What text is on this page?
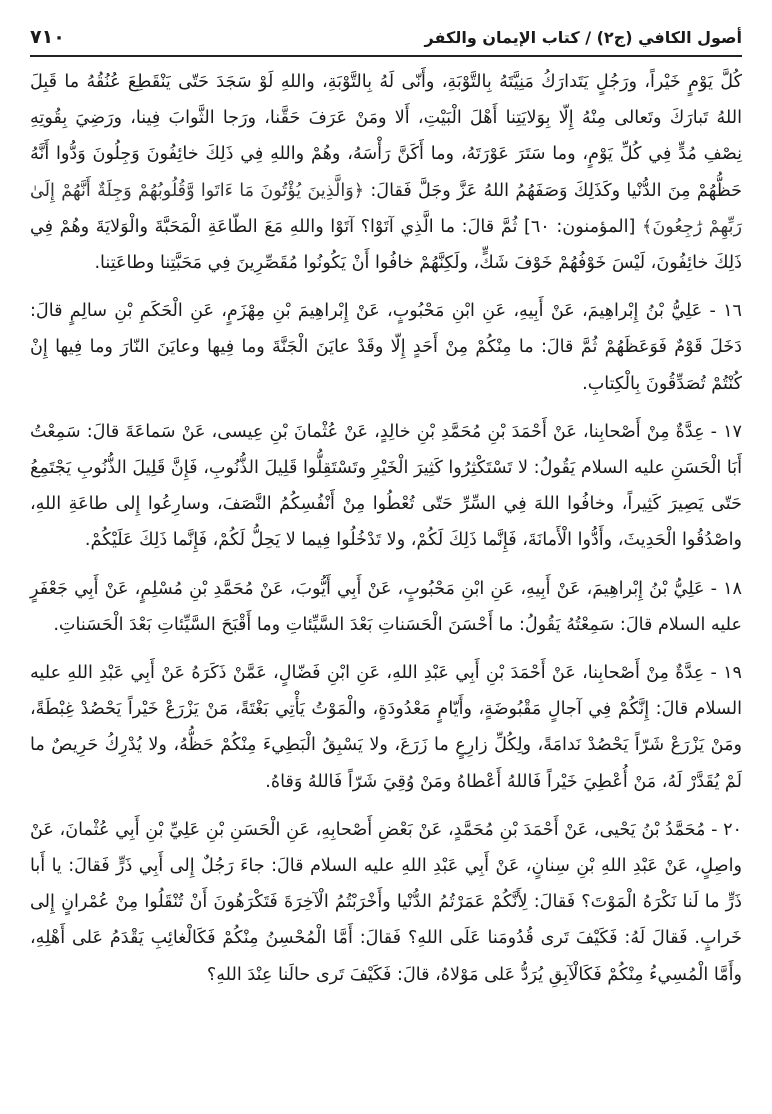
أصول الكافي (ج٢) / كتاب الإيمان والكفر
٧١٠

كُلَّ يَوْمٍ خَيْراً، ورَجُلٍ يَتَدارَكُ مَنِيَّتَهُ بِالتَّوْبَةِ، وأَنّى لَهُ بِالتَّوْبَةِ، واللهِ لَوْ سَجَدَ حَتّى يَنْقَطِعَ عُنُقُهُ ما قَبِلَ اللهُ تَبارَكَ وتَعالى مِنْهُ إِلّا بِوَلايَتِنا أَهْلَ الْبَيْتِ، أَلا ومَنْ عَرَفَ حَقَّنا، ورَجا الثَّوابَ فِينا، ورَضِيَ بِقُوتِهِ نِصْفِ مُدٍّ فِي كُلِّ يَوْمٍ، وما سَتَرَ عَوْرَتَهُ، وما أَكَنَّ رَأْسَهُ، وهُمْ واللهِ فِي ذَلِكَ خائِفُونَ وَجِلُونَ وَدُّوا أَنَّهُ حَظُّهُمْ مِنَ الدُّنْيا وكَذَلِكَ وَصَفَهُمُ اللهُ عَزَّ وجَلَّ فَقالَ: ﴿وَالَّذِينَ يُؤْتُونَ مَا ءَاتَوا وَّقُلُوبُهُمْ وَجِلَةٌ أَنَّهُمْ إِلَىٰ رَبِّهِمْ رَٰجِعُونَ﴾ [المؤمنون: ٦٠] ثُمَّ قالَ: ما الَّذِي آتَوْا؟ آتَوْا واللهِ مَعَ الطّاعَةِ الْمَحَبَّةَ والْوَلايَةَ وهُمْ فِي ذَلِكَ خائِفُونَ، لَيْسَ خَوْفُهُمْ خَوْفَ شَكٍّ، ولَكِنَّهُمْ خافُوا أَنْ يَكُونُوا مُقَصِّرِينَ فِي مَحَبَّتِنا وطاعَتِنا.

١٦ - عَلِيُّ بْنُ إِبْراهِيمَ، عَنْ أَبِيهِ، عَنِ ابْنِ مَحْبُوبٍ، عَنْ إِبْراهِيمَ بْنِ مِهْزَمٍ، عَنِ الْحَكَمِ بْنِ سالِمٍ قالَ: دَخَلَ قَوْمٌ فَوَعَظَهُمْ ثُمَّ قالَ: ما مِنْكُمْ مِنْ أَحَدٍ إِلّا وقَدْ عايَنَ الْجَنَّةَ وما فِيها وعايَنَ النّارَ وما فِيها إِنْ كُنْتُمْ تُصَدِّقُونَ بِالْكِتابِ.

١٧ - عِدَّةٌ مِنْ أَصْحابِنا، عَنْ أَحْمَدَ بْنِ مُحَمَّدِ بْنِ خالِدٍ، عَنْ عُثْمانَ بْنِ عِيسى، عَنْ سَماعَةَ قالَ: سَمِعْتُ أَبَا الْحَسَنِ عليه السلام يَقُولُ: لا تَسْتَكْثِرُوا كَثِيرَ الْخَيْرِ وتَسْتَقِلُّوا قَلِيلَ الذُّنُوبِ، فَإِنَّ قَلِيلَ الذُّنُوبِ يَجْتَمِعُ حَتّى يَصِيرَ كَثِيراً، وخافُوا اللهَ فِي السِّرِّ حَتّى تُعْطُوا مِنْ أَنْفُسِكُمُ النَّصَفَ، وسارِعُوا إِلى طاعَةِ اللهِ، واصْدُقُوا الْحَدِيثَ، وأَدُّوا الْأَمانَةَ، فَإِنَّما ذَلِكَ لَكُمْ، ولا تَدْخُلُوا فِيما لا يَحِلُّ لَكُمْ، فَإِنَّما ذَلِكَ عَلَيْكُمْ.

١٨ - عَلِيُّ بْنُ إِبْراهِيمَ، عَنْ أَبِيهِ، عَنِ ابْنِ مَحْبُوبٍ، عَنْ أَبِي أَيُّوبَ، عَنْ مُحَمَّدِ بْنِ مُسْلِمٍ، عَنْ أَبِي جَعْفَرٍ عليه السلام قالَ: سَمِعْتُهُ يَقُولُ: ما أَحْسَنَ الْحَسَناتِ بَعْدَ السَّيِّئاتِ وما أَقْبَحَ السَّيِّئاتِ بَعْدَ الْحَسَناتِ.

١٩ - عِدَّةٌ مِنْ أَصْحابِنا، عَنْ أَحْمَدَ بْنِ أَبِي عَبْدِ اللهِ، عَنِ ابْنِ فَضّالٍ، عَمَّنْ ذَكَرَهُ عَنْ أَبِي عَبْدِ اللهِ عليه السلام قالَ: إِنَّكُمْ فِي آجالٍ مَقْبُوضَةٍ، وأَيّامٍ مَعْدُودَةٍ، والْمَوْتُ يَأْتِي بَغْتَةً، مَنْ يَزْرَعْ خَيْراً يَحْصُدْ غِبْطَةً، ومَنْ يَزْرَعْ شَرّاً يَحْصُدْ نَدامَةً، ولِكُلِّ زارِعٍ ما زَرَعَ، ولا يَسْبِقُ الْبَطِيءَ مِنْكُمْ حَظُّهُ، ولا يُدْرِكُ حَرِيصٌ ما لَمْ يُقَدَّرْ لَهُ، مَنْ أُعْطِيَ خَيْراً فَاللهُ أَعْطاهُ ومَنْ وُقِيَ شَرّاً فَاللهُ وَقاهُ.

٢٠ - مُحَمَّدُ بْنُ يَحْيى، عَنْ أَحْمَدَ بْنِ مُحَمَّدٍ، عَنْ بَعْضِ أَصْحابِهِ، عَنِ الْحَسَنِ بْنِ عَلِيِّ بْنِ أَبِي عُثْمانَ، عَنْ واصِلٍ، عَنْ عَبْدِ اللهِ بْنِ سِنانٍ، عَنْ أَبِي عَبْدِ اللهِ عليه السلام قالَ: جاءَ رَجُلٌ إِلى أَبِي ذَرٍّ فَقالَ: يا أَبا ذَرٍّ ما لَنا نَكْرَهُ الْمَوْتَ؟ فَقالَ: لِأَنَّكُمْ عَمَرْتُمُ الدُّنْيا وأَخْرَبْتُمُ الْآخِرَةَ فَتَكْرَهُونَ أَنْ تُنْقَلُوا مِنْ عُمْرانٍ إِلى خَرابٍ. فَقالَ لَهُ: فَكَيْفَ تَرى قُدُومَنا عَلَى اللهِ؟ فَقالَ: أَمَّا الْمُحْسِنُ مِنْكُمْ فَكَالْغائِبِ يَقْدَمُ عَلى أَهْلِهِ، وأَمَّا الْمُسِيءُ مِنْكُمْ فَكَالْآبِقِ يُرَدُّ عَلى مَوْلاهُ، قالَ: فَكَيْفَ تَرى حالَنا عِنْدَ اللهِ؟
